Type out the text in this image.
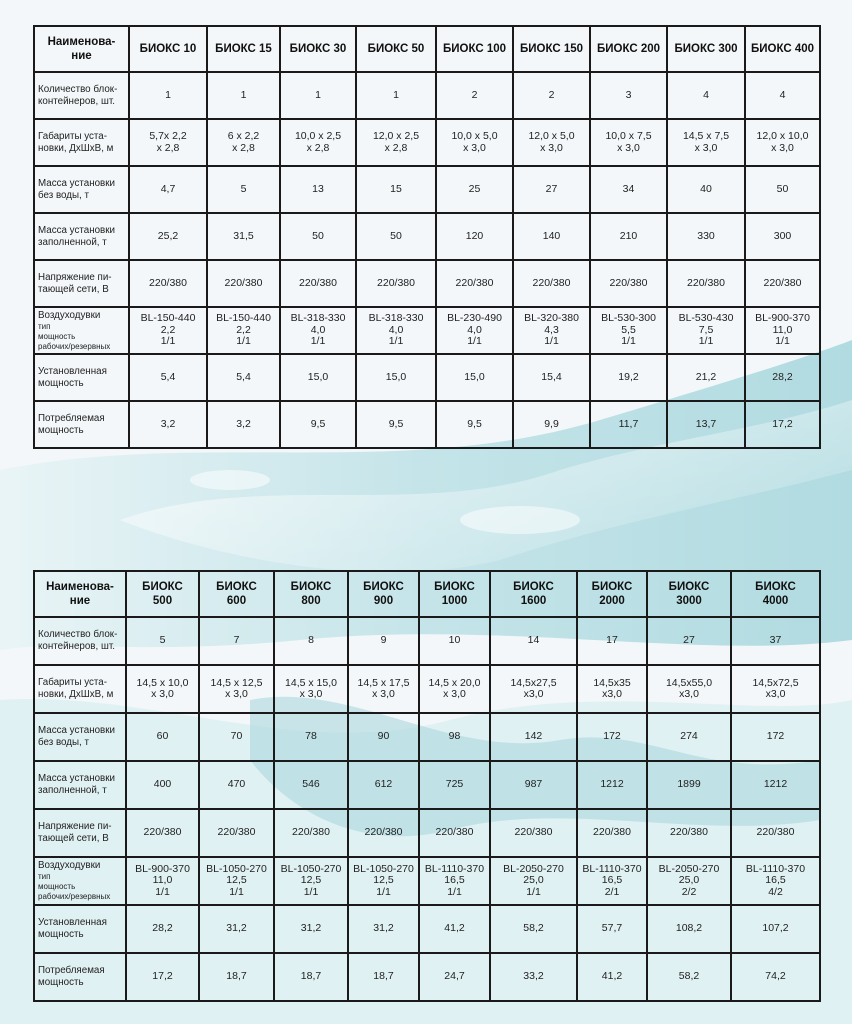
Наименова-
ние	БИОКС 10	БИОКС 15	БИОКС 30	БИОКС 50	БИОКС 100	БИОКС 150	БИОКС 200	БИОКС 300	БИОКС 400

Количество блок-
контейнеров, шт.	1	1	1	1	2	2	3	4	4

Габариты уста-
новки, ДхШхВ, м	5,7х 2,2
х 2,8	6 х 2,2
х 2,8	10,0 х 2,5
х 2,8	12,0 х 2,5
х 2,8	10,0 х 5,0
х 3,0	12,0 х 5,0
х 3,0	10,0 х 7,5
х 3,0	14,5 х 7,5
х 3,0	12,0 х 10,0
х 3,0

Масса установки
без воды, т	4,7	5	13	15	25	27	34	40	50

Масса установки
заполненной, т	25,2	31,5	50	50	120	140	210	330	300

Напряжение пи-
тающей сети, В	220/380	220/380	220/380	220/380	220/380	220/380	220/380	220/380	220/380

Воздуходувки
тип
мощность
рабочих/резервных	BL-150-440
2,2
1/1	BL-150-440
2,2
1/1	BL-318-330
4,0
1/1	BL-318-330
4,0
1/1	BL-230-490
4,0
1/1	BL-320-380
4,3
1/1	BL-530-300
5,5
1/1	BL-530-430
7,5
1/1	BL-900-370
11,0
1/1

Установленная
мощность	5,4	5,4	15,0	15,0	15,0	15,4	19,2	21,2	28,2

Потребляемая
мощность	3,2	3,2	9,5	9,5	9,5	9,9	11,7	13,7	17,2
Наименова-
ние	БИОКС
500	БИОКС
600	БИОКС
800	БИОКС
900	БИОКС
1000	БИОКС
1600	БИОКС
2000	БИОКС
3000	БИОКС
4000

Количество блок-
контейнеров, шт.	5	7	8	9	10	14	17	27	37

Габариты уста-
новки, ДхШхВ, м	14,5 х 10,0
х 3,0	14,5 х 12,5
х 3,0	14,5 х 15,0
х 3,0	14,5 х 17,5
х 3,0	14,5 х 20,0
х 3,0	14,5х27,5
х3,0	14,5х35
х3,0	14,5х55,0
х3,0	14,5х72,5
х3,0

Масса установки
без воды, т	60	70	78	90	98	142	172	274	172

Масса установки
заполненной, т	400	470	546	612	725	987	1212	1899	1212

Напряжение пи-
тающей сети, В	220/380	220/380	220/380	220/380	220/380	220/380	220/380	220/380	220/380

Воздуходувки
тип
мощность
рабочих/резервных	BL-900-370
11,0
1/1	BL-1050-270
12,5
1/1	BL-1050-270
12,5
1/1	BL-1050-270
12,5
1/1	BL-1110-370
16,5
1/1	BL-2050-270
25,0
1/1	BL-1110-370
16,5
2/1	BL-2050-270
25,0
2/2	BL-1110-370
16,5
4/2

Установленная
мощность	28,2	31,2	31,2	31,2	41,2	58,2	57,7	108,2	107,2

Потребляемая
мощность	17,2	18,7	18,7	18,7	24,7	33,2	41,2	58,2	74,2
